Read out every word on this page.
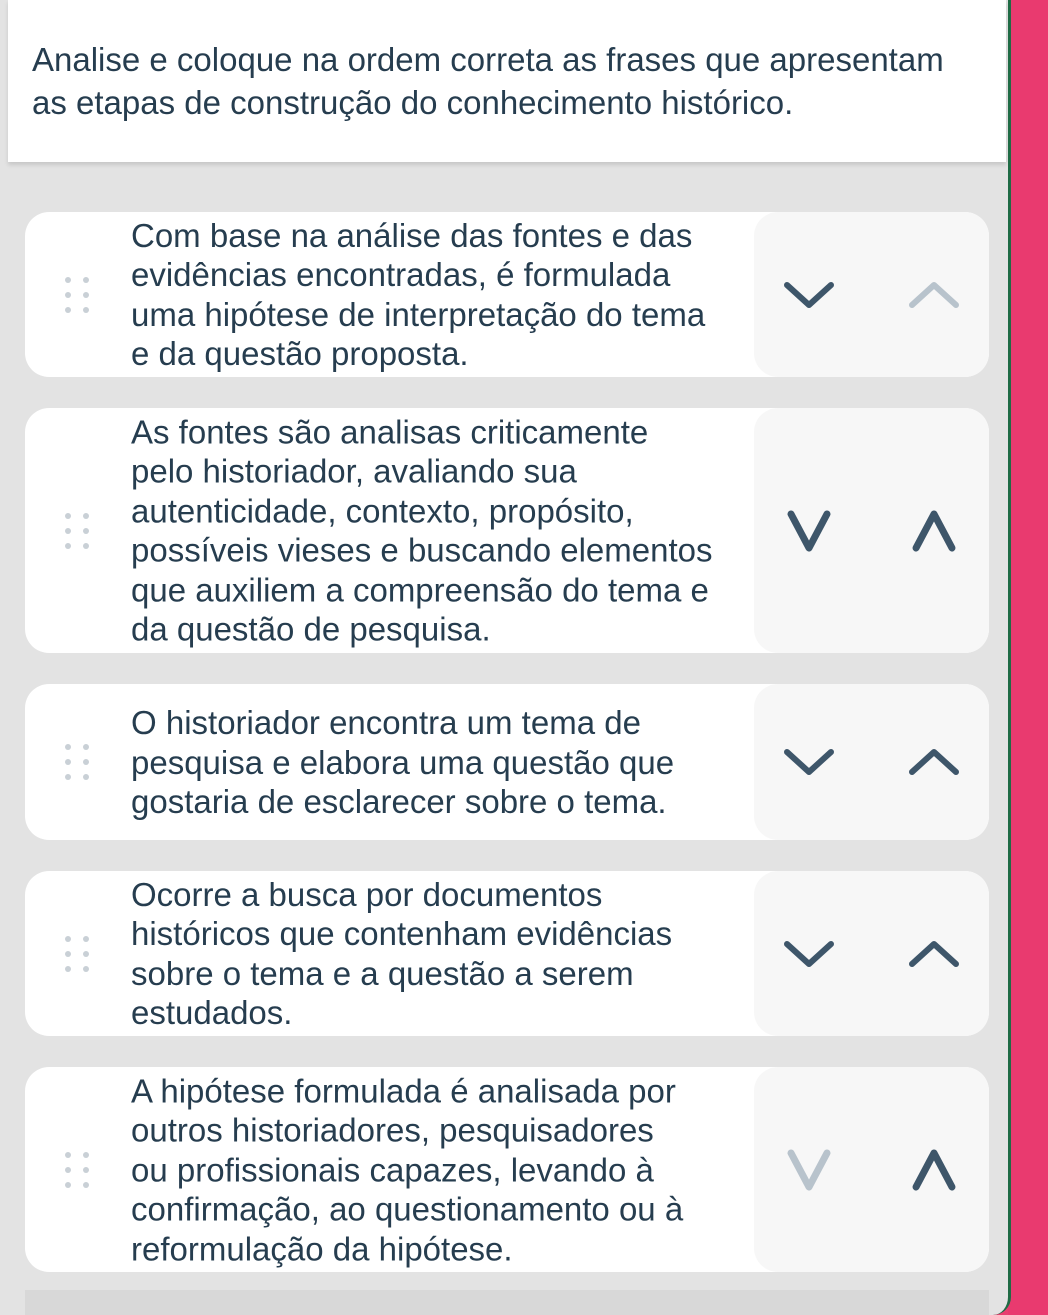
Analise e coloque na ordem correta as frases que apresentam
as etapas de construção do conhecimento histórico.
Com base na análise das fontes e das
evidências encontradas, é formulada
uma hipótese de interpretação do tema
e da questão proposta.
As fontes são analisas criticamente
pelo historiador, avaliando sua
autenticidade, contexto, propósito,
possíveis vieses e buscando elementos
que auxiliem a compreensão do tema e
da questão de pesquisa.
O historiador encontra um tema de
pesquisa e elabora uma questão que
gostaria de esclarecer sobre o tema.
Ocorre a busca por documentos
históricos que contenham evidências
sobre o tema e a questão a serem
estudados.
A hipótese formulada é analisada por
outros historiadores, pesquisadores
ou profissionais capazes, levando à
confirmação, ao questionamento ou à
reformulação da hipótese.
